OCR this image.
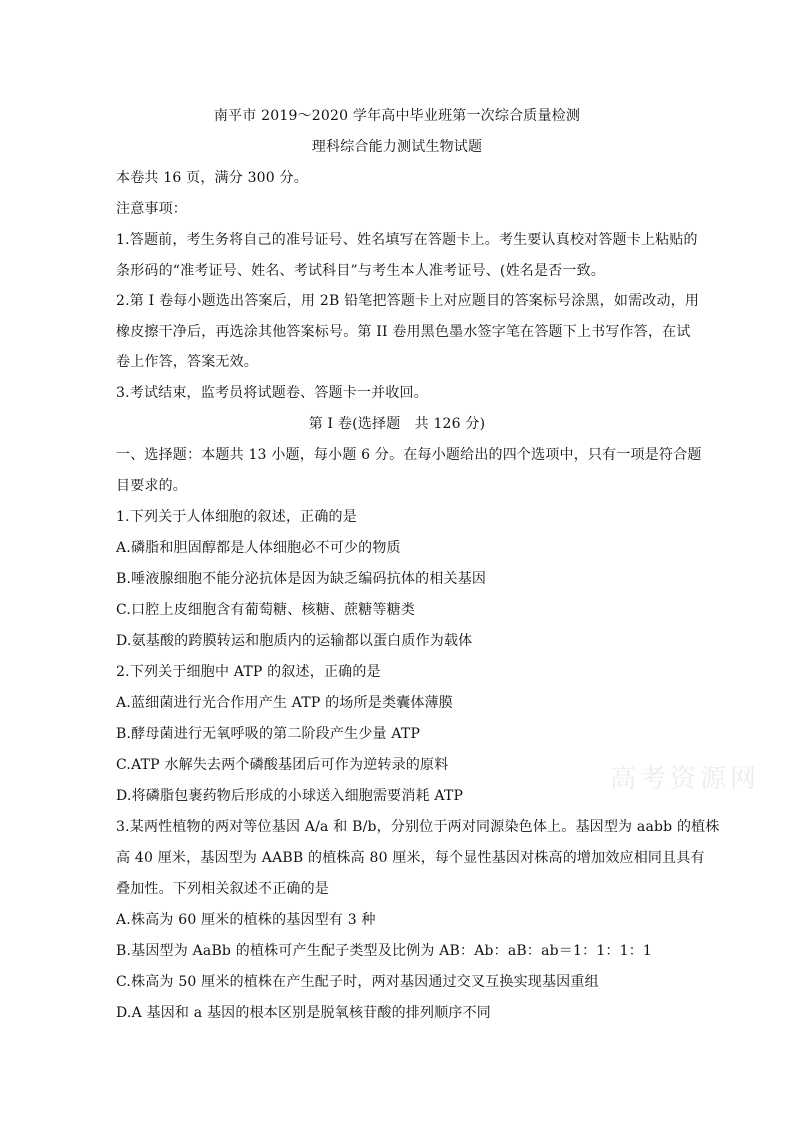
南平市 2019～2020 学年高中毕业班第一次综合质量检测
理科综合能力测试生物试题
本卷共 16 页，满分 300 分。
注意事项：
1.答题前，考生务将自己的准号证号、姓名填写在答题卡上。考生要认真校对答题卡上粘贴的
条形码的“准考证号、姓名、考试科目”与考生本人准考证号、(姓名是否一致。
2.第 I 卷每小题选出答案后，用 2B 铅笔把答题卡上对应题目的答案标号涂黑，如需改动，用
橡皮擦干净后，再选涂其他答案标号。第 II 卷用黑色墨水签字笔在答题下上书写作答，在试
卷上作答，答案无效。
3.考试结束，监考员将试题卷、答题卡一并收回。
第 I 卷(选择题　共 126 分)
一、选择题：本题共 13 小题，每小题 6 分。在每小题给出的四个选项中，只有一项是符合题
目要求的。
1.下列关于人体细胞的叙述，正确的是
A.磷脂和胆固醇都是人体细胞必不可少的物质
B.唾液腺细胞不能分泌抗体是因为缺乏编码抗体的相关基因
C.口腔上皮细胞含有葡萄糖、核糖、蔗糖等糖类
D.氨基酸的跨膜转运和胞质内的运输都以蛋白质作为载体
2.下列关于细胞中 ATP 的叙述，正确的是
A.蓝细菌进行光合作用产生 ATP 的场所是类囊体薄膜
B.酵母菌进行无氧呼吸的第二阶段产生少量 ATP
C.ATP 水解失去两个磷酸基团后可作为逆转录的原料
D.将磷脂包裹药物后形成的小球送入细胞需要消耗 ATP
3.某两性植物的两对等位基因 A/a 和 B/b，分别位于两对同源染色体上。基因型为 aabb 的植株
高 40 厘米，基因型为 AABB 的植株高 80 厘米，每个显性基因对株高的增加效应相同且具有
叠加性。下列相关叙述不正确的是
A.株高为 60 厘米的植株的基因型有 3 种
B.基因型为 AaBb 的植株可产生配子类型及比例为 AB：Ab：aB：ab＝1：1：1：1
C.株高为 50 厘米的植株在产生配子时，两对基因通过交叉互换实现基因重组
D.A 基因和 a 基因的根本区别是脱氧核苷酸的排列顺序不同
高考资源网
